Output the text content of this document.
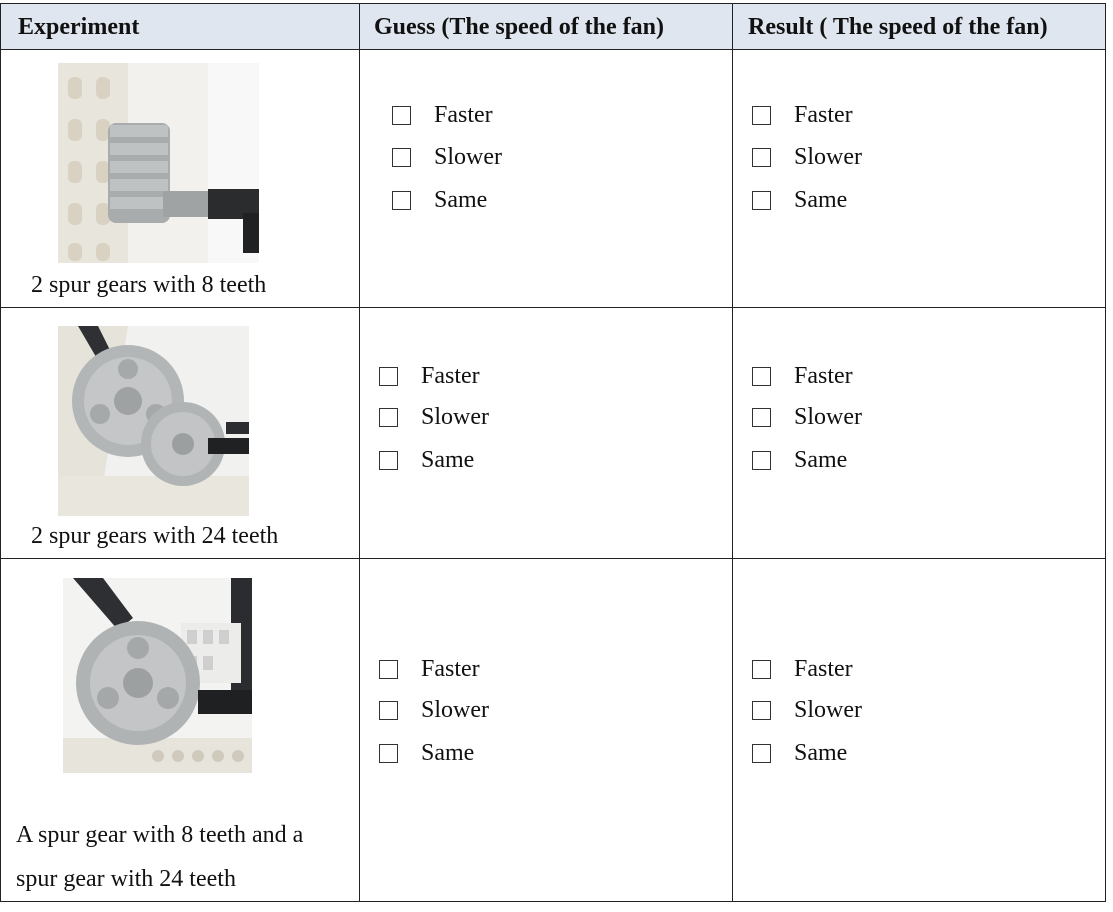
Experiment	Guess (The speed of the fan)	Result ( The speed of the fan)
2 spur gears with 8 teeth
Faster
Slower
Same
Faster
Slower
Same
2 spur gears with 24 teeth
Faster
Slower
Same
Faster
Slower
Same
A spur gear with 8 teeth and a
spur gear with 24 teeth
Faster
Slower
Same
Faster
Slower
Same
